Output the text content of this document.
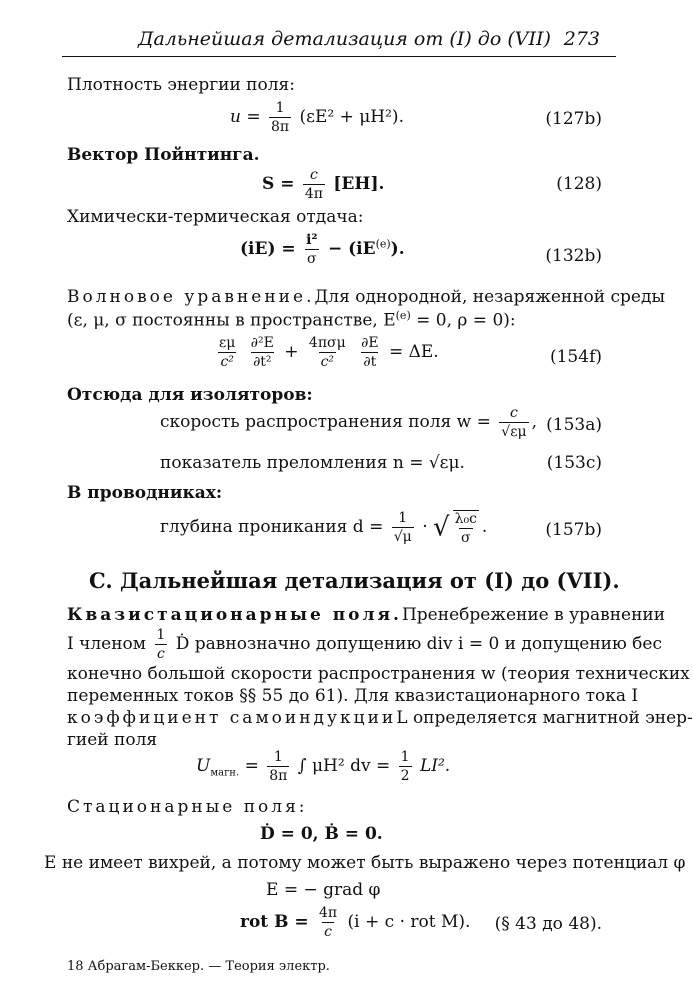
Дальнейшая детализация от (I) до (VII) 273
Плотность энергии поля:
$u = \frac{1}{8\pi} (\varepsilon E^2 + \mu H^2)$.	(127b)
Вектор Пойнтинга.
$S = \frac{c}{4\pi} [EH]$.	(128)
Химически-термическая отдача:
$(iE) = \frac{\text{i²}}{\sigma} - (iE^{(e)})$.	(132b)
Волновое уравнение. Для однородной, незаряженной среды
(ε, μ, σ постоянны в пространстве, $E^{(e)} = 0$, ρ = 0):
$\frac{\varepsilon\mu}{\text{c²}}$
$\frac{\text{∂²E}}{\text{∂t²}} + \frac{\text{4πσμ}}{\text{c²}}$
$\frac{\partial E}{\partial t} = \Delta E$.	(154f)
Отсюда для изоляторов:
скорость распространения поля $w = \frac{c}{√\varepsilon\mu}$ , (153a)
показатель преломления n = √εμ.	(153c)
В проводниках:
глубина проникания $d = \frac{1}{√\mu}$ · √ $\frac{\text{λ₀c}}{\sigma}$ .	(157b)
C. Дальнейшая детализация от (I) до (VII).
Квазистационарные поля. Пренебрежение в уравнении
I членом $\frac{1}{c}$ Ḋ равнозначно допущению div i = 0 и допущению бес
конечно большой скорости распространения w (теория технических
переменных токов §§ 55 до 61). Для квазистационарного тока I
коэффициент самоиндукции L определяется магнитной энер-
гией поля
$U_{магн.} = \frac{1}{8\pi}$ ∫ μH² dv = $\frac{1}{2} LI^2$.
Стационарные поля:
Ḋ = 0, Ḃ = 0.
E не имеет вихрей, а потому может быть выражено через потенциал φ
E = − grad φ
rot $B = \frac{4\pi}{c} (i + c$ · rot M). (§ 43 до 48).
18 Абрагам-Беккер. — Теория электр.
